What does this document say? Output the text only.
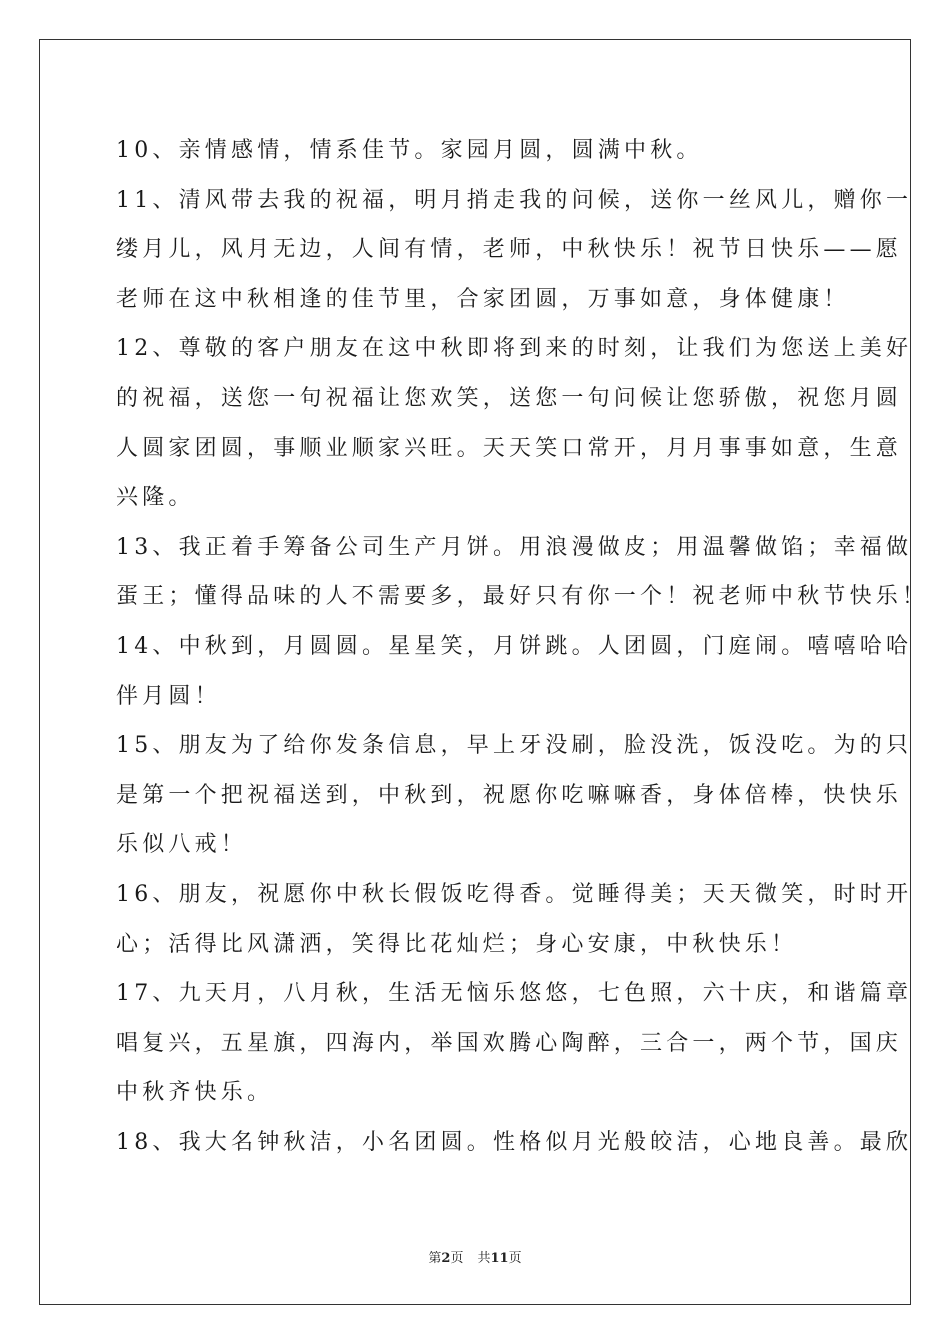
10、亲情感情，情系佳节。家园月圆，圆满中秋。
11、清风带去我的祝福，明月捎走我的问候，送你一丝风儿，赠你一
缕月儿，风月无边，人间有情，老师，中秋快乐！祝节日快乐——愿
老师在这中秋相逢的佳节里，合家团圆，万事如意，身体健康！
12、尊敬的客户朋友在这中秋即将到来的时刻，让我们为您送上美好
的祝福，送您一句祝福让您欢笑，送您一句问候让您骄傲，祝您月圆
人圆家团圆，事顺业顺家兴旺。天天笑口常开，月月事事如意，生意
兴隆。
13、我正着手筹备公司生产月饼。用浪漫做皮；用温馨做馅；幸福做
蛋王；懂得品味的人不需要多，最好只有你一个！祝老师中秋节快乐！
14、中秋到，月圆圆。星星笑，月饼跳。人团圆，门庭闹。嘻嘻哈哈
伴月圆！
15、朋友为了给你发条信息，早上牙没刷，脸没洗，饭没吃。为的只
是第一个把祝福送到，中秋到，祝愿你吃嘛嘛香，身体倍棒，快快乐
乐似八戒！
16、朋友，祝愿你中秋长假饭吃得香。觉睡得美；天天微笑，时时开
心；活得比风潇洒，笑得比花灿烂；身心安康，中秋快乐！
17、九天月，八月秋，生活无恼乐悠悠，七色照，六十庆，和谐篇章
唱复兴，五星旗，四海内，举国欢腾心陶醉，三合一，两个节，国庆
中秋齐快乐。
18、我大名钟秋洁，小名团圆。性格似月光般皎洁，心地良善。最欣
第2页 共11页
